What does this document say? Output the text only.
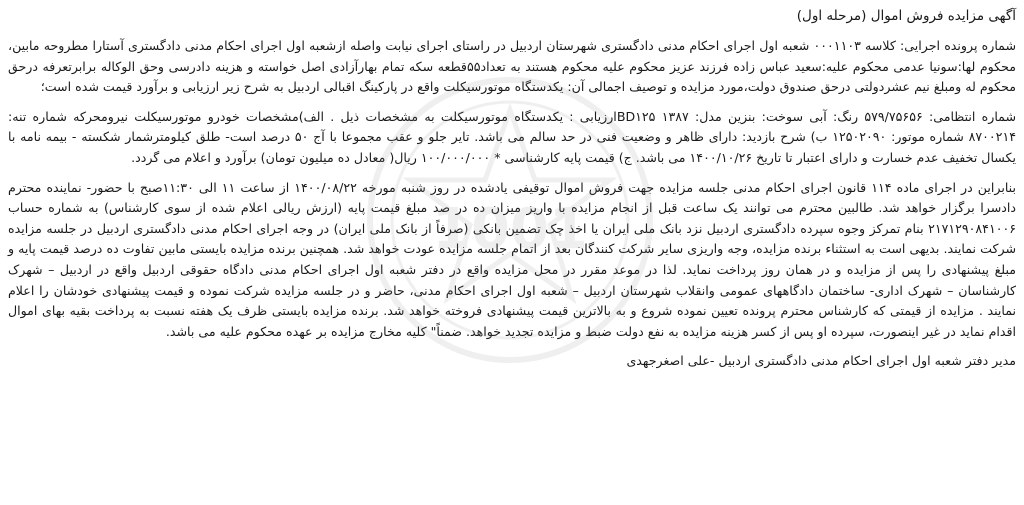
1001

آگهی مزایده فروش اموال (مرحله اول)

شماره پرونده اجرایی: کلاسه ۰۰۰۱۱۰۳ شعبه اول اجرای احکام مدنی دادگستری شهرستان اردبیل در راستای اجرای نیابت واصله ازشعبه اول اجرای احکام مدنی دادگستری آستارا مطروحه مابین، محکوم لها:سونیا عدمی محکوم علیه:سعید عباس زاده فرزند عزیز محکوم علیه محکوم هستند به تعداد۵۵قطعه سکه تمام بهارآزادی اصل خواسته و هزینه دادرسی وحق الوکاله برابرتعرفه درحق محکوم له ومبلغ نیم عشردولتی درحق صندوق دولت،مورد مزایده و توصیف اجمالی آن: یکدستگاه موتورسیکلت واقع در پارکینگ اقبالی اردبیل به شرح زیر ارزیابی و برآورد قیمت شده است؛

شماره انتظامی: ۵۷۹/۷۵۶۵۶ رنگ: آبی سوخت: بنزین مدل: ۱۳۸۷ BD۱۲۵ارزیابی : یکدستگاه موتورسیکلت به مشخصات ذیل . الف)مشخصات خودرو موتورسیکلت نیرومحرکه شماره تنه: ۸۷۰۰۲۱۴ شماره موتور: ۱۲۵۰۲۰۹۰ ب) شرح بازدید: دارای ظاهر و وضعیت فنی در حد سالم می باشد. تایر جلو و عقب مجموعا با آج ۵۰ درصد است- طلق کیلومترشمار شکسته - بیمه نامه با یکسال تخفیف عدم خسارت و دارای اعتبار تا تاریخ ۱۴۰۰/۱۰/۲۶ می باشد. ج) قیمت پایه کارشناسی * ۱۰۰/۰۰۰/۰۰۰ ریال( معادل ده میلیون تومان) برآورد و اعلام می گردد.

بنابراین در اجرای ماده ۱۱۴ قانون اجرای احکام مدنی جلسه مزایده جهت فروش اموال توقیفی یادشده در روز شنبه مورخه ۱۴۰۰/۰۸/۲۲ از ساعت ۱۱ الی ۱۱:۳۰صبح با حضور- نماینده محترم دادسرا برگزار خواهد شد. طالبین محترم می توانند یک ساعت قبل از انجام مزایده با واریز میزان ده در صد مبلغ قیمت پایه (ارزش ریالی اعلام شده از سوی کارشناس) به شماره حساب ۲۱۷۱۲۹۰۸۴۱۰۰۶ بنام تمرکز وجوه سپرده دادگستری اردبیل نزد بانک ملی ایران یا اخذ چک تضمین بانکی (صرفاً از بانک ملی ایران) در وجه اجرای احکام مدنی دادگستری اردبیل در جلسه مزایده شرکت نمایند. بدیهی است به استثناء برنده مزایده، وجه واریزی سایر شرکت کنندگان بعد از اتمام جلسه مزایده عودت خواهد شد. همچنین برنده مزایده بایستی مابین تفاوت ده درصد قیمت پایه و مبلغ پیشنهادی را پس از مزایده و در همان روز پرداخت نماید. لذا در موعد مقرر در محل مزایده واقع در دفتر شعبه اول اجرای احکام مدنی دادگاه حقوقی اردبیل واقع در اردبیل – شهرک کارشناسان – شهرک اداری- ساختمان دادگاههای عمومی وانقلاب شهرستان اردبیل – شعبه اول اجرای احکام مدنی، حاضر و در جلسه مزایده شرکت نموده و قیمت پیشنهادی خودشان را اعلام نمایند . مزایده از قیمتی که کارشناس محترم پرونده تعیین نموده شروع و به بالاترین قیمت پیشنهادی فروخته خواهد شد. برنده مزایده بایستی ظرف یک هفته نسبت به پرداخت بقیه بهای اموال اقدام نماید در غیر اینصورت، سپرده او پس از کسر هزینه مزایده به نفع دولت ضبط و مزایده تجدید خواهد. ضمناً" کلیه مخارج مزایده بر عهده محکوم علیه می باشد.

مدیر دفتر شعبه اول اجرای احکام مدنی دادگستری اردبیل -علی اصغرجهدی
